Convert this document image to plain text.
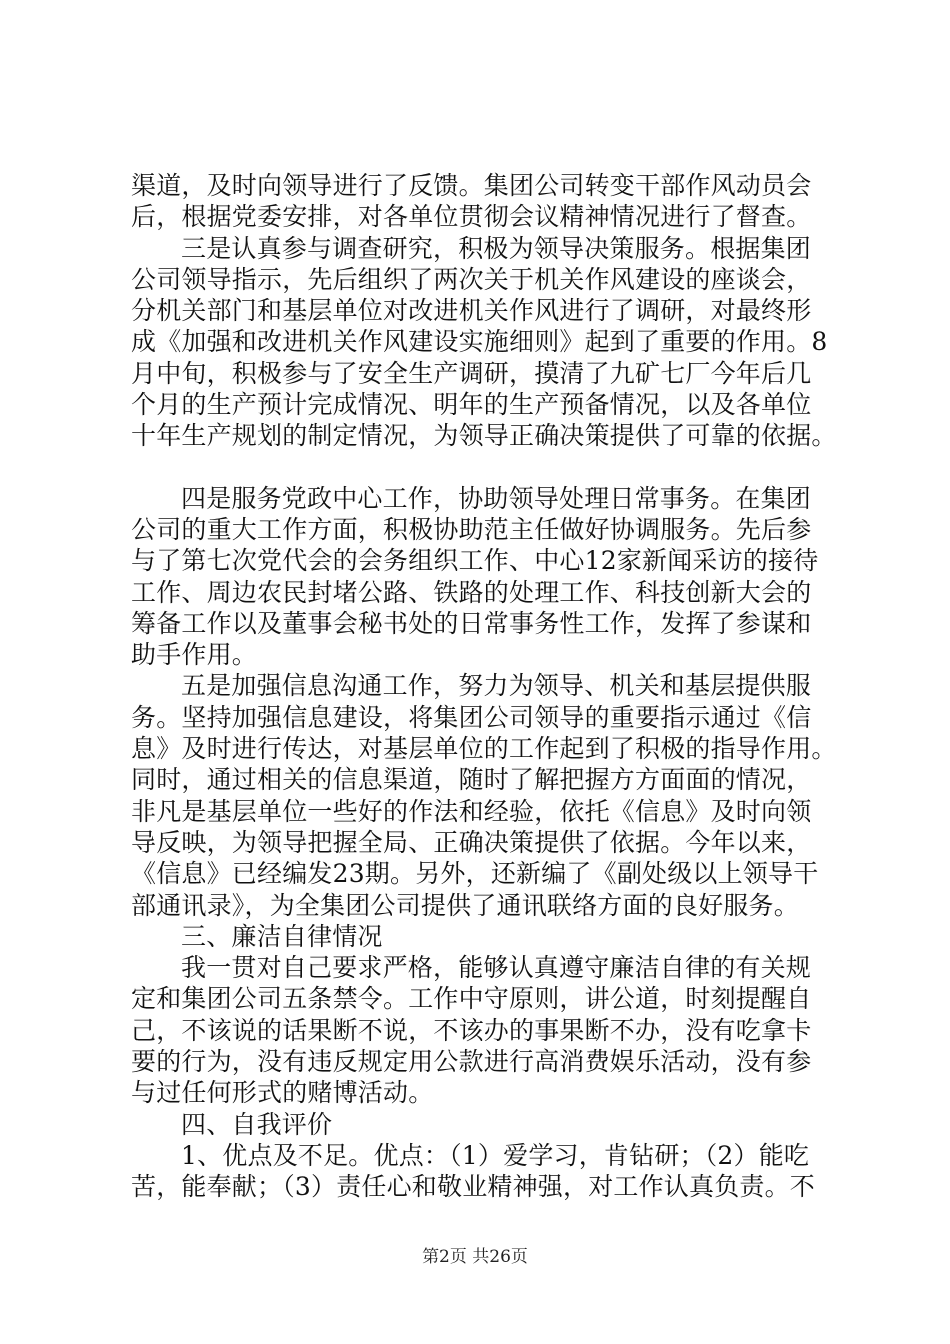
渠道，及时向领导进行了反馈。集团公司转变干部作风动员会
后，根据党委安排，对各单位贯彻会议精神情况进行了督查。
三是认真参与调查研究，积极为领导决策服务。根据集团
公司领导指示，先后组织了两次关于机关作风建设的座谈会，
分机关部门和基层单位对改进机关作风进行了调研，对最终形
成《加强和改进机关作风建设实施细则》起到了重要的作用。8
月中旬，积极参与了安全生产调研，摸清了九矿七厂今年后几
个月的生产预计完成情况、明年的生产预备情况，以及各单位
十年生产规划的制定情况，为领导正确决策提供了可靠的依据。
四是服务党政中心工作，协助领导处理日常事务。在集团
公司的重大工作方面，积极协助范主任做好协调服务。先后参
与了第七次党代会的会务组织工作、中心12家新闻采访的接待
工作、周边农民封堵公路、铁路的处理工作、科技创新大会的
筹备工作以及董事会秘书处的日常事务性工作，发挥了参谋和
助手作用。
五是加强信息沟通工作，努力为领导、机关和基层提供服
务。坚持加强信息建设，将集团公司领导的重要指示通过《信
息》及时进行传达，对基层单位的工作起到了积极的指导作用。
同时，通过相关的信息渠道，随时了解把握方方面面的情况，
非凡是基层单位一些好的作法和经验，依托《信息》及时向领
导反映，为领导把握全局、正确决策提供了依据。今年以来，
《信息》已经编发23期。另外，还新编了《副处级以上领导干
部通讯录》，为全集团公司提供了通讯联络方面的良好服务。
三、廉洁自律情况
我一贯对自己要求严格，能够认真遵守廉洁自律的有关规
定和集团公司五条禁令。工作中守原则，讲公道，时刻提醒自
己，不该说的话果断不说，不该办的事果断不办，没有吃拿卡
要的行为，没有违反规定用公款进行高消费娱乐活动，没有参
与过任何形式的赌博活动。
四、自我评价
1、优点及不足。优点：（1）爱学习，肯钻研；（2）能吃
苦，能奉献；（3）责任心和敬业精神强，对工作认真负责。不
第2页 共26页
